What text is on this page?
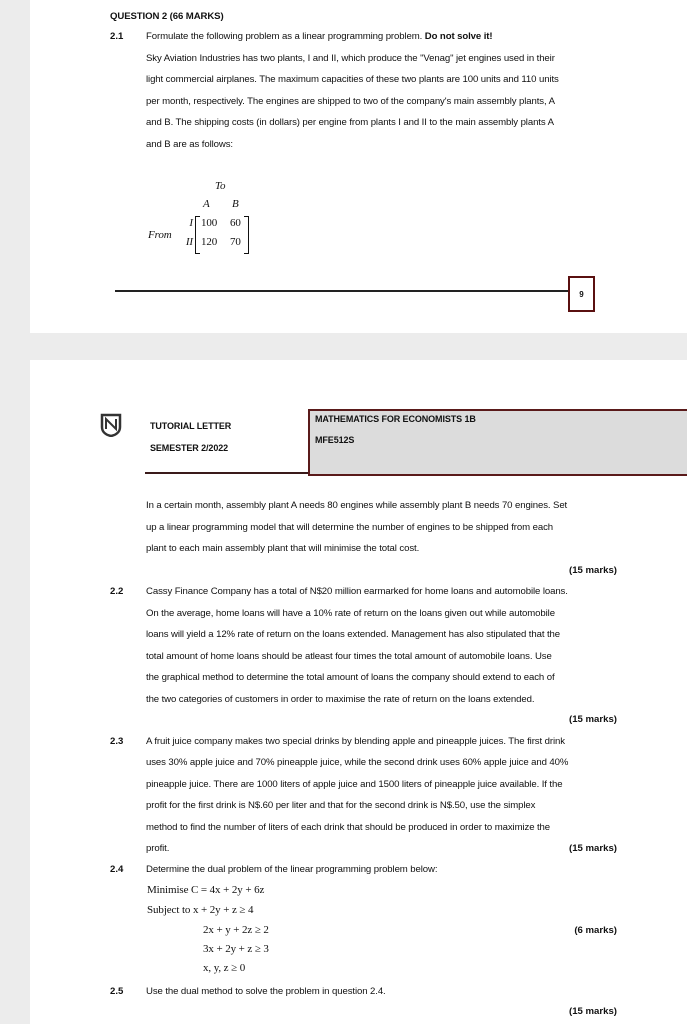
QUESTION 2 (66 MARKS)
2.1 Formulate the following problem as a linear programming problem. Do not solve it!
Sky Aviation Industries has two plants, I and II, which produce the "Venag" jet engines used in their
light commercial airplanes. The maximum capacities of these two plants are 100 units and 110 units
per month, respectively. The engines are shipped to two of the company's main assembly plants, A
and B. The shipping costs (in dollars) per engine from plants I and II to the main assembly plants A
and B are as follows:
To
A B
From
I
II
100 60
120 70
9
TUTORIAL LETTER
SEMESTER 2/2022
MATHEMATICS FOR ECONOMISTS 1B
MFE512S
In a certain month, assembly plant A needs 80 engines while assembly plant B needs 70 engines. Set
up a linear programming model that will determine the number of engines to be shipped from each
plant to each main assembly plant that will minimise the total cost.
(15 marks)
2.2 Cassy Finance Company has a total of N$20 million earmarked for home loans and automobile loans.
On the average, home loans will have a 10% rate of return on the loans given out while automobile
loans will yield a 12% rate of return on the loans extended. Management has also stipulated that the
total amount of home loans should be atleast four times the total amount of automobile loans. Use
the graphical method to determine the total amount of loans the company should extend to each of
the two categories of customers in order to maximise the rate of return on the loans extended.
(15 marks)
2.3 A fruit juice company makes two special drinks by blending apple and pineapple juices. The first drink
uses 30% apple juice and 70% pineapple juice, while the second drink uses 60% apple juice and 40%
pineapple juice. There are 1000 liters of apple juice and 1500 liters of pineapple juice available. If the
profit for the first drink is N$.60 per liter and that for the second drink is N$.50, use the simplex
method to find the number of liters of each drink that should be produced in order to maximize the
profit.	(15 marks)
2.4 Determine the dual problem of the linear programming problem below:
Minimise C = 4x + 2y + 6z
Subject to x + 2y + z ≥ 4
2x + y + 2z ≥ 2
3x + 2y + z ≥ 3
x, y, z ≥ 0
(6 marks)
2.5 Use the dual method to solve the problem in question 2.4.
(15 marks)
